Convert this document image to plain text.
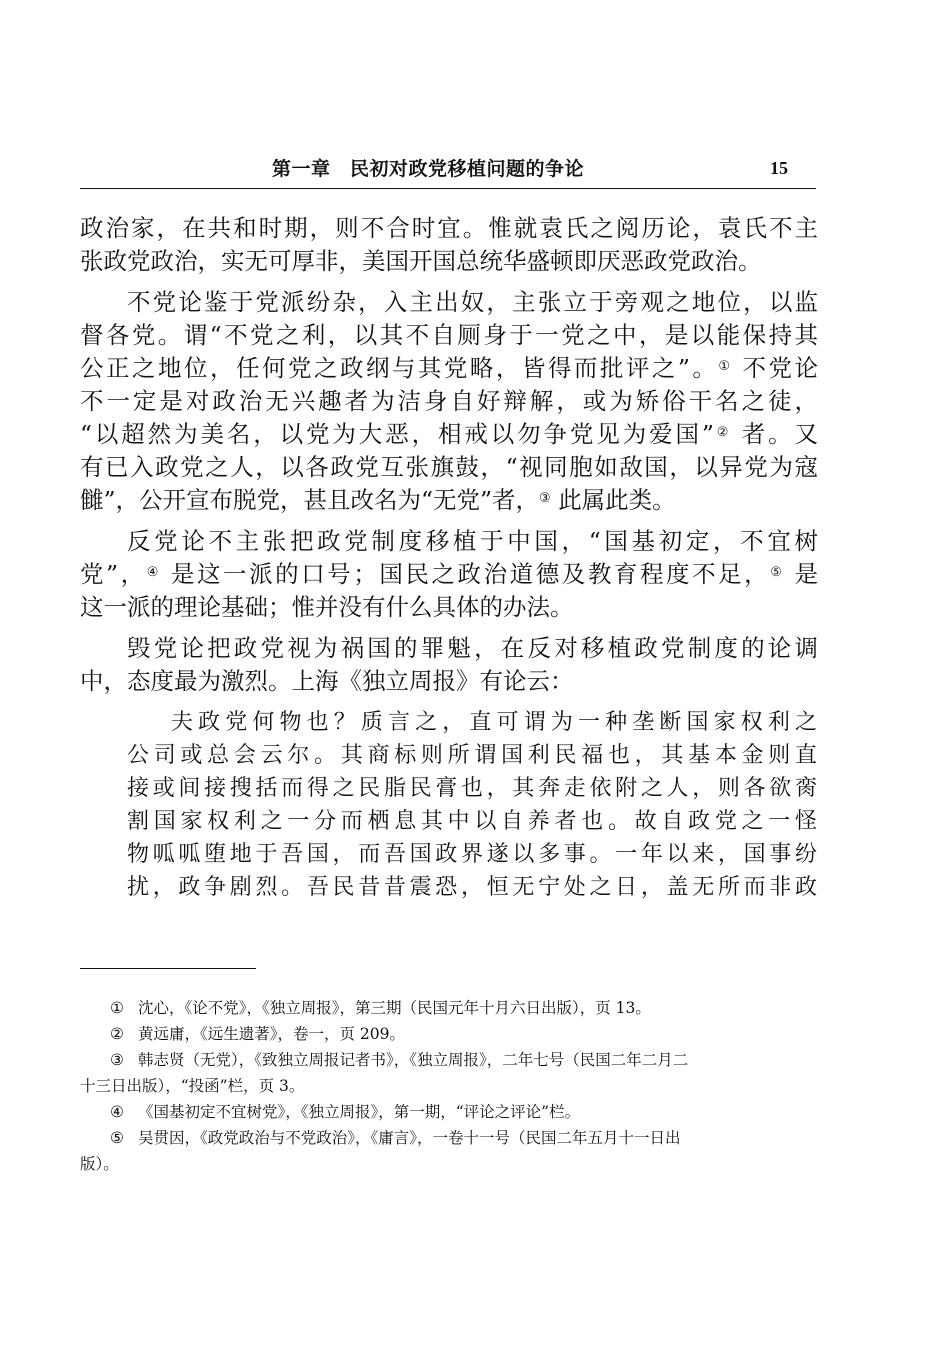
第一章　民初对政党移植问题的争论	15
政治家，在共和时期，则不合时宜。惟就袁氏之阅历论，袁氏不主
张政党政治，实无可厚非，美国开国总统华盛顿即厌恶政党政治。
不党论鉴于党派纷杂，入主出奴，主张立于旁观之地位，以监
督各党。谓“不党之利，以其不自厕身于一党之中，是以能保持其
公正之地位，任何党之政纲与其党略，皆得而批评之”。① 不党论
不一定是对政治无兴趣者为洁身自好辩解，或为矫俗干名之徒，
“以超然为美名，以党为大恶，相戒以勿争党见为爱国”② 者。又
有已入政党之人，以各政党互张旗鼓，“视同胞如敌国，以异党为寇
雠”，公开宣布脱党，甚且改名为“无党”者，③ 此属此类。
反党论不主张把政党制度移植于中国，“国基初定，不宜树
党”，④ 是这一派的口号；国民之政治道德及教育程度不足，⑤ 是
这一派的理论基础；惟并没有什么具体的办法。
毁党论把政党视为祸国的罪魁，在反对移植政党制度的论调
中，态度最为激烈。上海《独立周报》有论云：
夫政党何物也？质言之，直可谓为一种垄断国家权利之
公司或总会云尔。其商标则所谓国利民福也，其基本金则直
接或间接搜括而得之民脂民膏也，其奔走依附之人，则各欲脔
割国家权利之一分而栖息其中以自养者也。故自政党之一怪
物呱呱堕地于吾国，而吾国政界遂以多事。一年以来，国事纷
扰，政争剧烈。吾民昔昔震恐，恒无宁处之日，盖无所而非政
① 沈心，《论不党》，《独立周报》，第三期（民国元年十月六日出版），页 13。
② 黄远庸，《远生遗著》，卷一，页 209。
③ 韩志贤（无党），《致独立周报记者书》，《独立周报》，二年七号（民国二年二月二
十三日出版），“投函”栏，页 3。
④ 《国基初定不宜树党》，《独立周报》，第一期，“评论之评论”栏。
⑤ 吴贯因，《政党政治与不党政治》，《庸言》，一卷十一号（民国二年五月十一日出
版）。
